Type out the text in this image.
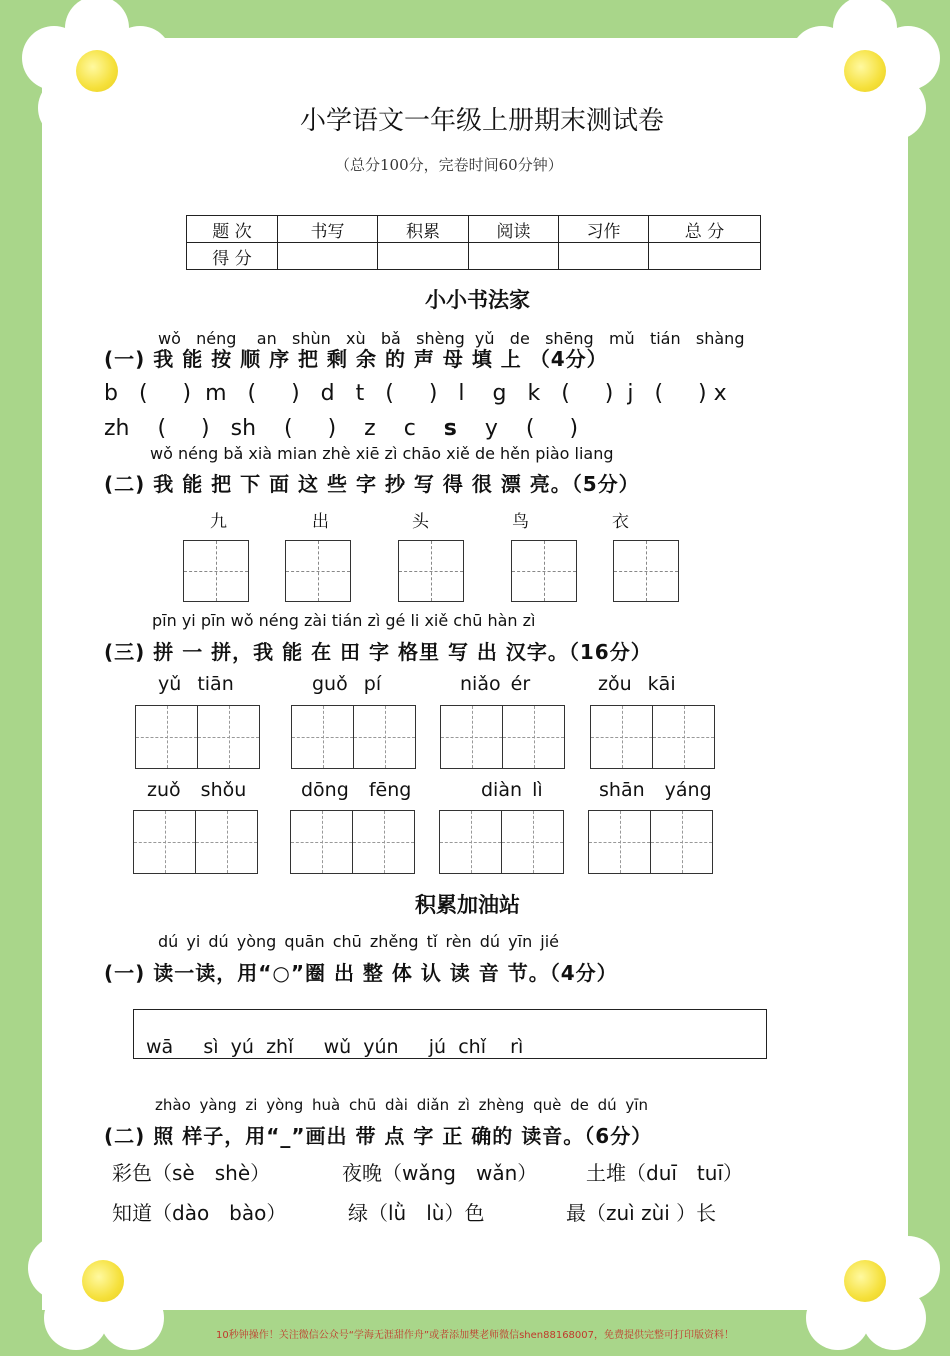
小学语文一年级上册期末测试卷
（总分100分，完卷时间60分钟）
题 次	书写	积累	阅读	习作	总 分
得 分					
小小书法家
wǒ néng an shùn xù bǎ shèng yǔ de shēng mǔ tián shàng
(一) 我 能 按 顺 序 把 剩 余 的 声 母 填 上 （4分）
b ( ) m ( ) d t ( ) l g k ( ) j ( ) x
zh ( ) sh ( ) z c s y ( )
wǒ néng bǎ xià mian zhè xiē zì chāo xiě de hěn piào liang
(二) 我 能 把 下 面 这 些 字 抄 写 得 很 漂 亮。（5分）
九	出	头	鸟	衣
pīn yi pīn wǒ néng zài tián zì gé li xiě chū hàn zì
(三) 拼 一 拼，我 能 在 田 字 格里 写 出 汉字。（16分）
yǔ tiān	guǒ pí	niǎo ér	zǒu kāi
zuǒ shǒu	dōng fēng	diàn lì	shān yáng
积累加油站
dú yi dú yòng quān chū zhěng tǐ rèn dú yīn jié
(一) 读一读，用“○”圈 出 整 体 认 读 音 节。（4分）
wā sì yú zhǐ wǔ yún jú chǐ rì
zhào yàng zi yòng huà chū dài diǎn zì zhèng què de dú yīn
(二) 照 样子，用“_”画出 带 点 字 正 确的 读音。（6分）
彩色（sè　shè）	夜晚（wǎng　wǎn） 土堆（duī　tuī）
知道（dào　bào）	绿（lǜ　lù）色	最（zuì zùi ）长
10秒钟操作！关注微信公众号“学海无涯甜作舟”或者添加樊老师微信shen88168007，免费提供完整可打印版资料！
